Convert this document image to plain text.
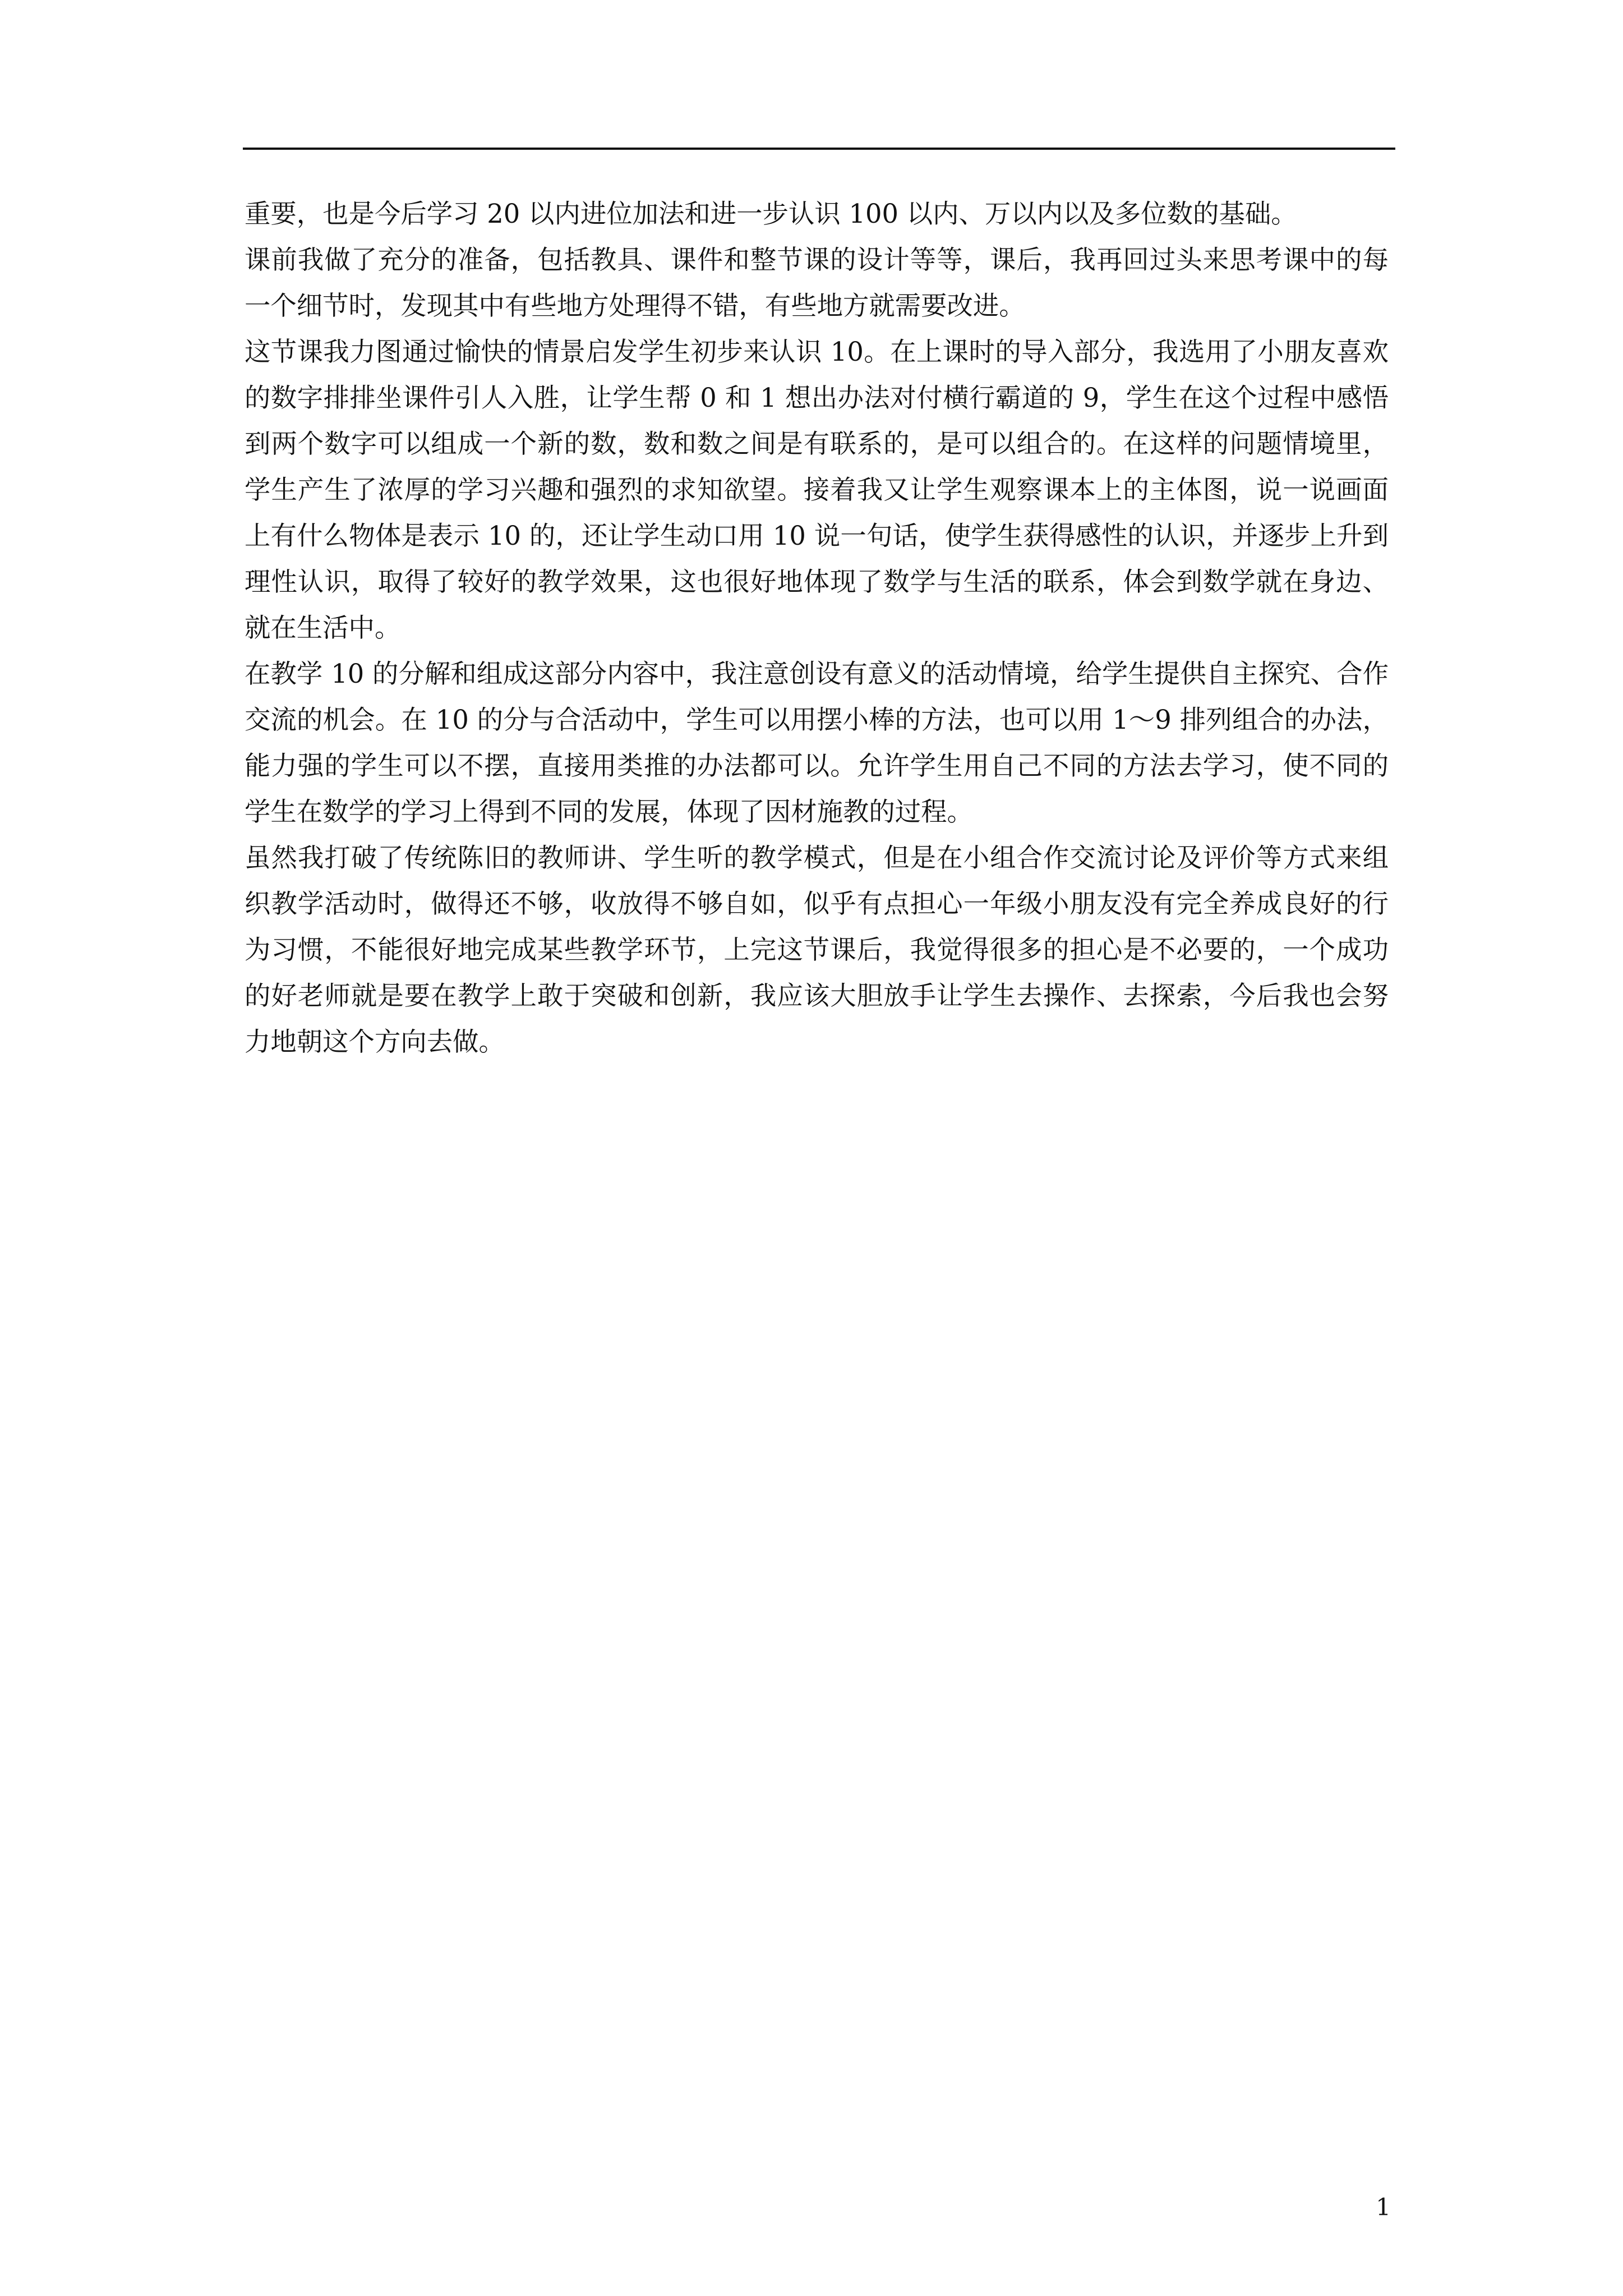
重要，也是今后学习 20 以内进位加法和进一步认识 100 以内、万以内以及多位数的基础。

课前我做了充分的准备，包括教具、课件和整节课的设计等等，课后，我再回过头来思考课中的每一个细节时，发现其中有些地方处理得不错，有些地方就需要改进。

这节课我力图通过愉快的情景启发学生初步来认识 10。在上课时的导入部分，我选用了小朋友喜欢的数字排排坐课件引人入胜，让学生帮 0 和 1 想出办法对付横行霸道的 9，学生在这个过程中感悟到两个数字可以组成一个新的数，数和数之间是有联系的，是可以组合的。在这样的问题情境里，学生产生了浓厚的学习兴趣和强烈的求知欲望。接着我又让学生观察课本上的主体图，说一说画面上有什么物体是表示 10 的，还让学生动口用 10 说一句话，使学生获得感性的认识，并逐步上升到理性认识，取得了较好的教学效果，这也很好地体现了数学与生活的联系，体会到数学就在身边、就在生活中。

在教学 10 的分解和组成这部分内容中，我注意创设有意义的活动情境，给学生提供自主探究、合作交流的机会。在 10 的分与合活动中，学生可以用摆小棒的方法，也可以用 1～9 排列组合的办法，能力强的学生可以不摆，直接用类推的办法都可以。允许学生用自己不同的方法去学习，使不同的学生在数学的学习上得到不同的发展，体现了因材施教的过程。

虽然我打破了传统陈旧的教师讲、学生听的教学模式，但是在小组合作交流讨论及评价等方式来组织教学活动时，做得还不够，收放得不够自如，似乎有点担心一年级小朋友没有完全养成良好的行为习惯，不能很好地完成某些教学环节，上完这节课后，我觉得很多的担心是不必要的，一个成功的好老师就是要在教学上敢于突破和创新，我应该大胆放手让学生去操作、去探索，今后我也会努力地朝这个方向去做。

1
